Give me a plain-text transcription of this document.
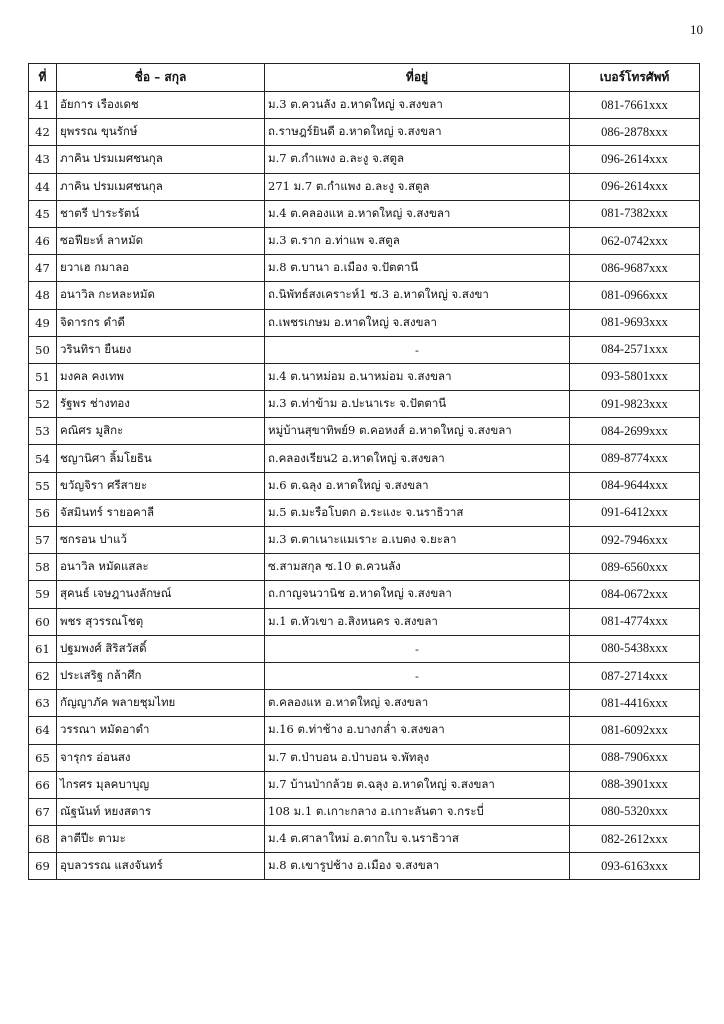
10
ที่	ชื่อ – สกุล	ที่อยู่	เบอร์โทรศัพท์
41	อัยการ เรืองเดช	ม.3 ต.ควนลัง อ.หาดใหญ่ จ.สงขลา	081-7661xxx
42	ยุพรรณ ขุนรักษ์	ถ.ราษฎร์ยินดี อ.หาดใหญ่ จ.สงขลา	086-2878xxx
43	ภาคิน ปรมเมศชนกุล	ม.7 ต.กำแพง อ.ละงู จ.สตูล	096-2614xxx
44	ภาคิน ปรมเมศชนกุล	271 ม.7 ต.กำแพง อ.ละงู จ.สตูล	096-2614xxx
45	ชาตรี ปาระรัตน์	ม.4 ต.คลองแห อ.หาดใหญ่ จ.สงขลา	081-7382xxx
46	ซอฟียะห์ ลาหมัด	ม.3 ต.ราก อ.ท่าแพ จ.สตูล	062-0742xxx
47	ยวาเฮ กมาลอ	ม.8 ต.บานา อ.เมือง จ.ปัตตานี	086-9687xxx
48	อนาวิล กะหละหมัด	ถ.นิพัทธ์สงเคราะห์1 ซ.3 อ.หาดใหญ่ จ.สงขา	081-0966xxx
49	จิดารกร ดำดี	ถ.เพชรเกษม อ.หาดใหญ่ จ.สงขลา	081-9693xxx
50	วรินทิรา ยืนยง	-	084-2571xxx
51	มงคล คงเทพ	ม.4 ต.นาหม่อม อ.นาหม่อม จ.สงขลา	093-5801xxx
52	รัฐพร ช่างทอง	ม.3 ต.ท่าข้าม อ.ปะนาเระ จ.ปัตตานี	091-9823xxx
53	คณิศร มูสิกะ	หมู่บ้านสุขาทิพย์9 ต.คอหงส์ อ.หาดใหญ่ จ.สงขลา	084-2699xxx
54	ชญานิศา ลิ้มโยธิน	ถ.คลองเรียน2 อ.หาดใหญ่ จ.สงขลา	089-8774xxx
55	ขวัญจิรา ศรีสายะ	ม.6 ต.ฉลุง อ.หาดใหญ่ จ.สงขลา	084-9644xxx
56	จัสมินทร์ รายอคาลี	ม.5 ต.มะรือโบตก อ.ระแงะ จ.นราธิวาส	091-6412xxx
57	ซกรอน ปาแว้	ม.3 ต.ตาเนาะแมเราะ อ.เบตง จ.ยะลา	092-7946xxx
58	อนาวิล หมัดแสละ	ซ.สามสกุล ซ.10 ต.ควนลัง	089-6560xxx
59	สุคนธ์ เจษฎานงลักษณ์	ถ.กาญจนวานิช อ.หาดใหญ่ จ.สงขลา	084-0672xxx
60	พชร สุวรรณโชตุ	ม.1 ต.หัวเขา อ.สิงหนคร จ.สงขลา	081-4774xxx
61	ปฐมพงศ์ สิริสวัสดิ์	-	080-5438xxx
62	ประเสริฐ กล้าศึก	-	087-2714xxx
63	กัญญาภัค พลายชุมไทย	ต.คลองแห อ.หาดใหญ่ จ.สงขลา	081-4416xxx
64	วรรณา หมัดอาดำ	ม.16 ต.ท่าช้าง อ.บางกล่ำ จ.สงขลา	081-6092xxx
65	จารุกร อ่อนสง	ม.7 ต.ป่าบอน อ.ป่าบอน จ.พัทลุง	088-7906xxx
66	ไกรศร มุลคบาบุญ	ม.7 บ้านป่ากล้วย ต.ฉลุง อ.หาดใหญ่ จ.สงขลา	088-3901xxx
67	ณัฐนันท์ หยงสตาร	108 ม.1 ต.เกาะกลาง อ.เกาะลันตา จ.กระบี่	080-5320xxx
68	ลาตีปีะ ตามะ	ม.4 ต.ศาลาใหม่ อ.ตากใบ จ.นราธิวาส	082-2612xxx
69	อุบลวรรณ แสงจันทร์	ม.8 ต.เขารูปช้าง อ.เมือง จ.สงขลา	093-6163xxx
